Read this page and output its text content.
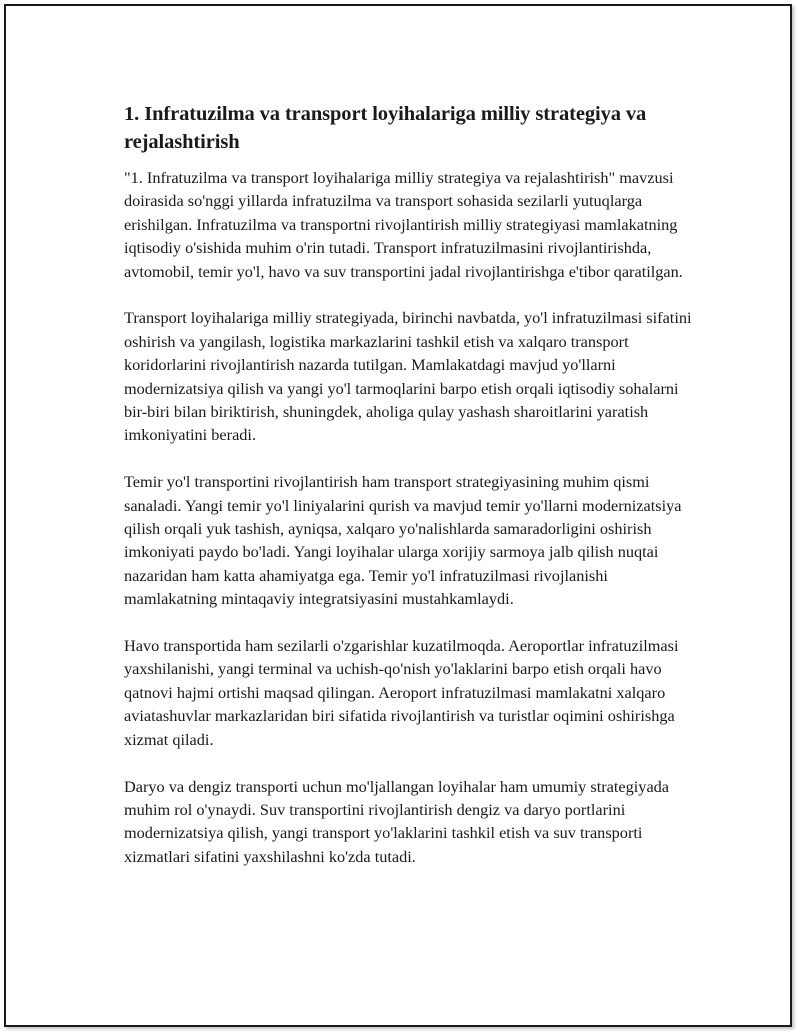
1. Infratuzilma va transport loyihalariga milliy strategiya va rejalashtirish

"1. Infratuzilma va transport loyihalariga milliy strategiya va rejalashtirish" mavzusi doirasida so'nggi yillarda infratuzilma va transport sohasida sezilarli yutuqlarga erishilgan. Infratuzilma va transportni rivojlantirish milliy strategiyasi mamlakatning iqtisodiy o'sishida muhim o'rin tutadi. Transport infratuzilmasini rivojlantirishda, avtomobil, temir yo'l, havo va suv transportini jadal rivojlantirishga e'tibor qaratilgan.

Transport loyihalariga milliy strategiyada, birinchi navbatda, yo'l infratuzilmasi sifatini oshirish va yangilash, logistika markazlarini tashkil etish va xalqaro transport koridorlarini rivojlantirish nazarda tutilgan. Mamlakatdagi mavjud yo'llarni modernizatsiya qilish va yangi yo'l tarmoqlarini barpo etish orqali iqtisodiy sohalarni bir-biri bilan biriktirish, shuningdek, aholiga qulay yashash sharoitlarini yaratish imkoniyatini beradi.

Temir yo'l transportini rivojlantirish ham transport strategiyasining muhim qismi sanaladi. Yangi temir yo'l liniyalarini qurish va mavjud temir yo'llarni modernizatsiya qilish orqali yuk tashish, ayniqsa, xalqaro yo'nalishlarda samaradorligini oshirish imkoniyati paydo bo'ladi. Yangi loyihalar ularga xorijiy sarmoya jalb qilish nuqtai nazaridan ham katta ahamiyatga ega. Temir yo'l infratuzilmasi rivojlanishi mamlakatning mintaqaviy integratsiyasini mustahkamlaydi.

Havo transportida ham sezilarli o'zgarishlar kuzatilmoqda. Aeroportlar infratuzilmasi yaxshilanishi, yangi terminal va uchish-qo'nish yo'laklarini barpo etish orqali havo qatnovi hajmi ortishi maqsad qilingan. Aeroport infratuzilmasi mamlakatni xalqaro aviatashuvlar markazlaridan biri sifatida rivojlantirish va turistlar oqimini oshirishga xizmat qiladi.

Daryo va dengiz transporti uchun mo'ljallangan loyihalar ham umumiy strategiyada muhim rol o'ynaydi. Suv transportini rivojlantirish dengiz va daryo portlarini modernizatsiya qilish, yangi transport yo'laklarini tashkil etish va suv transporti xizmatlari sifatini yaxshilashni ko'zda tutadi.
